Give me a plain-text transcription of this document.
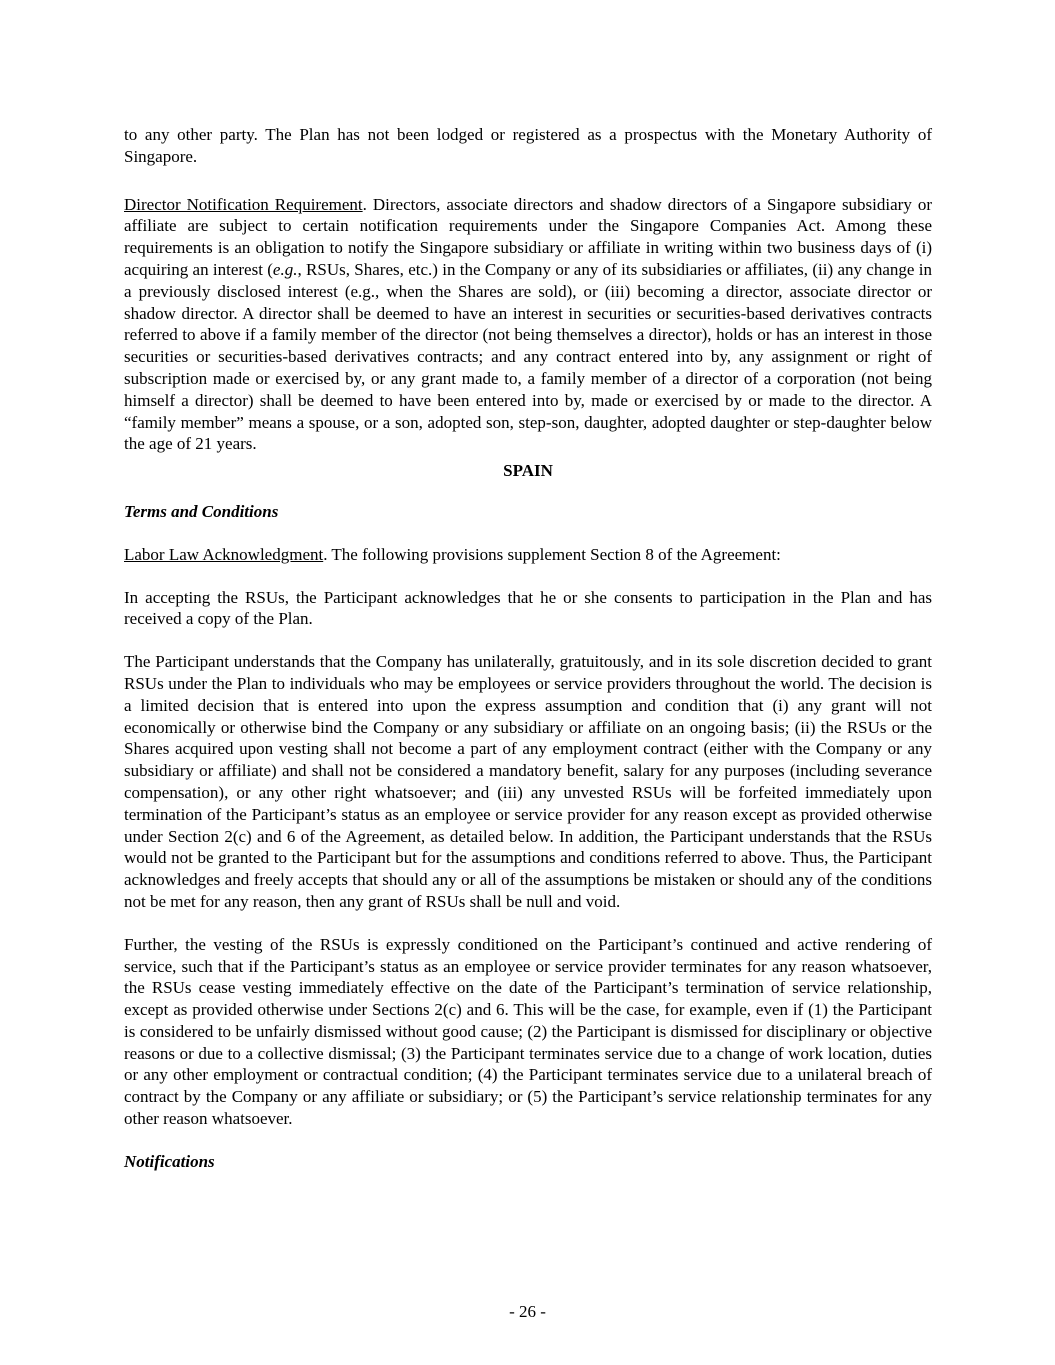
to any other party. The Plan has not been lodged or registered as a prospectus with the Monetary Authority of Singapore.

Director Notification Requirement. Directors, associate directors and shadow directors of a Singapore subsidiary or affiliate are subject to certain notification requirements under the Singapore Companies Act. Among these requirements is an obligation to notify the Singapore subsidiary or affiliate in writing within two business days of (i) acquiring an interest (e.g., RSUs, Shares, etc.) in the Company or any of its subsidiaries or affiliates, (ii) any change in a previously disclosed interest (e.g., when the Shares are sold), or (iii) becoming a director, associate director or shadow director. A director shall be deemed to have an interest in securities or securities-based derivatives contracts referred to above if a family member of the director (not being themselves a director), holds or has an interest in those securities or securities-based derivatives contracts; and any contract entered into by, any assignment or right of subscription made or exercised by, or any grant made to, a family member of a director of a corporation (not being himself a director) shall be deemed to have been entered into by, made or exercised by or made to the director. A “family member” means a spouse, or a son, adopted son, step-son, daughter, adopted daughter or step-daughter below the age of 21 years.

SPAIN
Terms and Conditions

Labor Law Acknowledgment. The following provisions supplement Section 8 of the Agreement:

In accepting the RSUs, the Participant acknowledges that he or she consents to participation in the Plan and has received a copy of the Plan.

The Participant understands that the Company has unilaterally, gratuitously, and in its sole discretion decided to grant RSUs under the Plan to individuals who may be employees or service providers throughout the world. The decision is a limited decision that is entered into upon the express assumption and condition that (i) any grant will not economically or otherwise bind the Company or any subsidiary or affiliate on an ongoing basis; (ii) the RSUs or the Shares acquired upon vesting shall not become a part of any employment contract (either with the Company or any subsidiary or affiliate) and shall not be considered a mandatory benefit, salary for any purposes (including severance compensation), or any other right whatsoever; and (iii) any unvested RSUs will be forfeited immediately upon termination of the Participant’s status as an employee or service provider for any reason except as provided otherwise under Section 2(c) and 6 of the Agreement, as detailed below. In addition, the Participant understands that the RSUs would not be granted to the Participant but for the assumptions and conditions referred to above. Thus, the Participant acknowledges and freely accepts that should any or all of the assumptions be mistaken or should any of the conditions not be met for any reason, then any grant of RSUs shall be null and void.

Further, the vesting of the RSUs is expressly conditioned on the Participant’s continued and active rendering of service, such that if the Participant’s status as an employee or service provider terminates for any reason whatsoever, the RSUs cease vesting immediately effective on the date of the Participant’s termination of service relationship, except as provided otherwise under Sections 2(c) and 6. This will be the case, for example, even if (1) the Participant is considered to be unfairly dismissed without good cause; (2) the Participant is dismissed for disciplinary or objective reasons or due to a collective dismissal; (3) the Participant terminates service due to a change of work location, duties or any other employment or contractual condition; (4) the Participant terminates service due to a unilateral breach of contract by the Company or any affiliate or subsidiary; or (5) the Participant’s service relationship terminates for any other reason whatsoever.

Notifications
- 26 -
